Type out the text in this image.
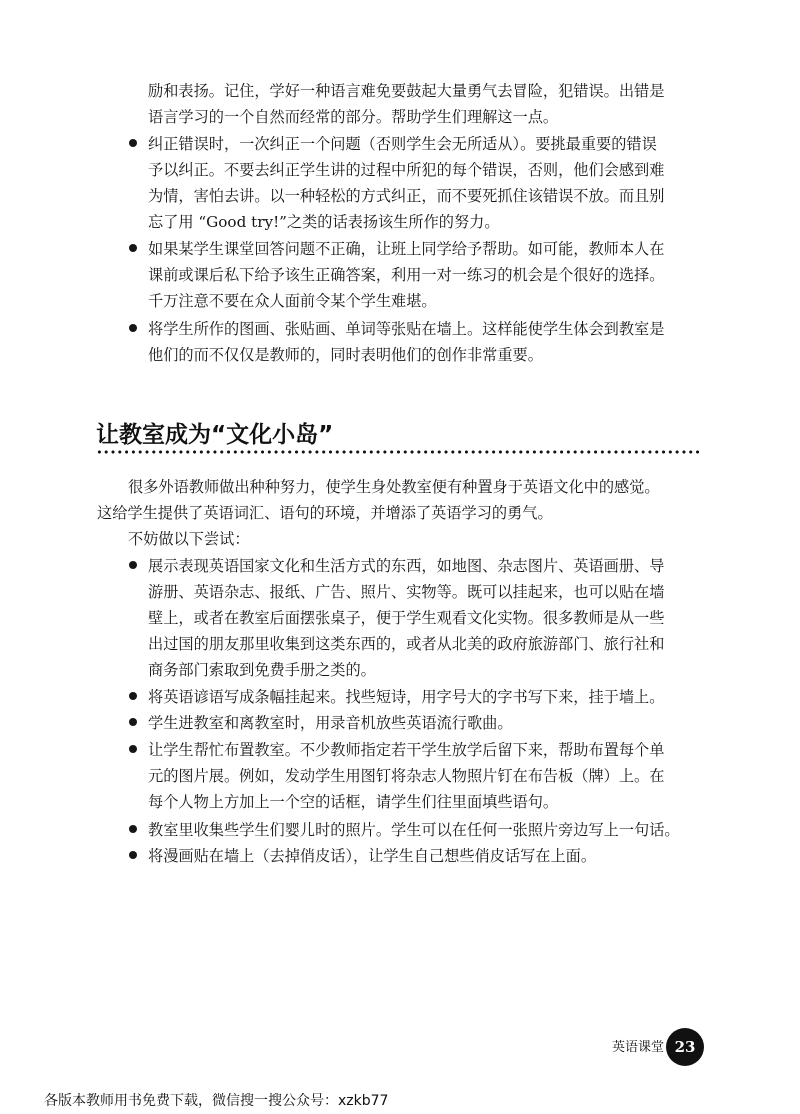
励和表扬。记住，学好一种语言难免要鼓起大量勇气去冒险，犯错误。出错是
语言学习的一个自然而经常的部分。帮助学生们理解这一点。
纠正错误时，一次纠正一个问题（否则学生会无所适从）。要挑最重要的错误
予以纠正。不要去纠正学生讲的过程中所犯的每个错误，否则，他们会感到难
为情，害怕去讲。以一种轻松的方式纠正，而不要死抓住该错误不放。而且别
忘了用 “Good try!”之类的话表扬该生所作的努力。
如果某学生课堂回答问题不正确，让班上同学给予帮助。如可能，教师本人在
课前或课后私下给予该生正确答案，利用一对一练习的机会是个很好的选择。
千万注意不要在众人面前令某个学生难堪。
将学生所作的图画、张贴画、单词等张贴在墙上。这样能使学生体会到教室是
他们的而不仅仅是教师的，同时表明他们的创作非常重要。
让教室成为“文化小岛”
很多外语教师做出种种努力，使学生身处教室便有种置身于英语文化中的感觉。
这给学生提供了英语词汇、语句的环境，并增添了英语学习的勇气。
不妨做以下尝试：
展示表现英语国家文化和生活方式的东西，如地图、杂志图片、英语画册、导
游册、英语杂志、报纸、广告、照片、实物等。既可以挂起来，也可以贴在墙
壁上，或者在教室后面摆张桌子，便于学生观看文化实物。很多教师是从一些
出过国的朋友那里收集到这类东西的，或者从北美的政府旅游部门、旅行社和
商务部门索取到免费手册之类的。
将英语谚语写成条幅挂起来。找些短诗，用字号大的字书写下来，挂于墙上。
学生进教室和离教室时，用录音机放些英语流行歌曲。
让学生帮忙布置教室。不少教师指定若干学生放学后留下来，帮助布置每个单
元的图片展。例如，发动学生用图钉将杂志人物照片钉在布告板（牌）上。在
每个人物上方加上一个空的话框，请学生们往里面填些语句。
教室里收集些学生们婴儿时的照片。学生可以在任何一张照片旁边写上一句话。
将漫画贴在墙上（去掉俏皮话），让学生自己想些俏皮话写在上面。
英语课堂 23
各版本教师用书免费下载，微信搜一搜公众号：xzkb77
